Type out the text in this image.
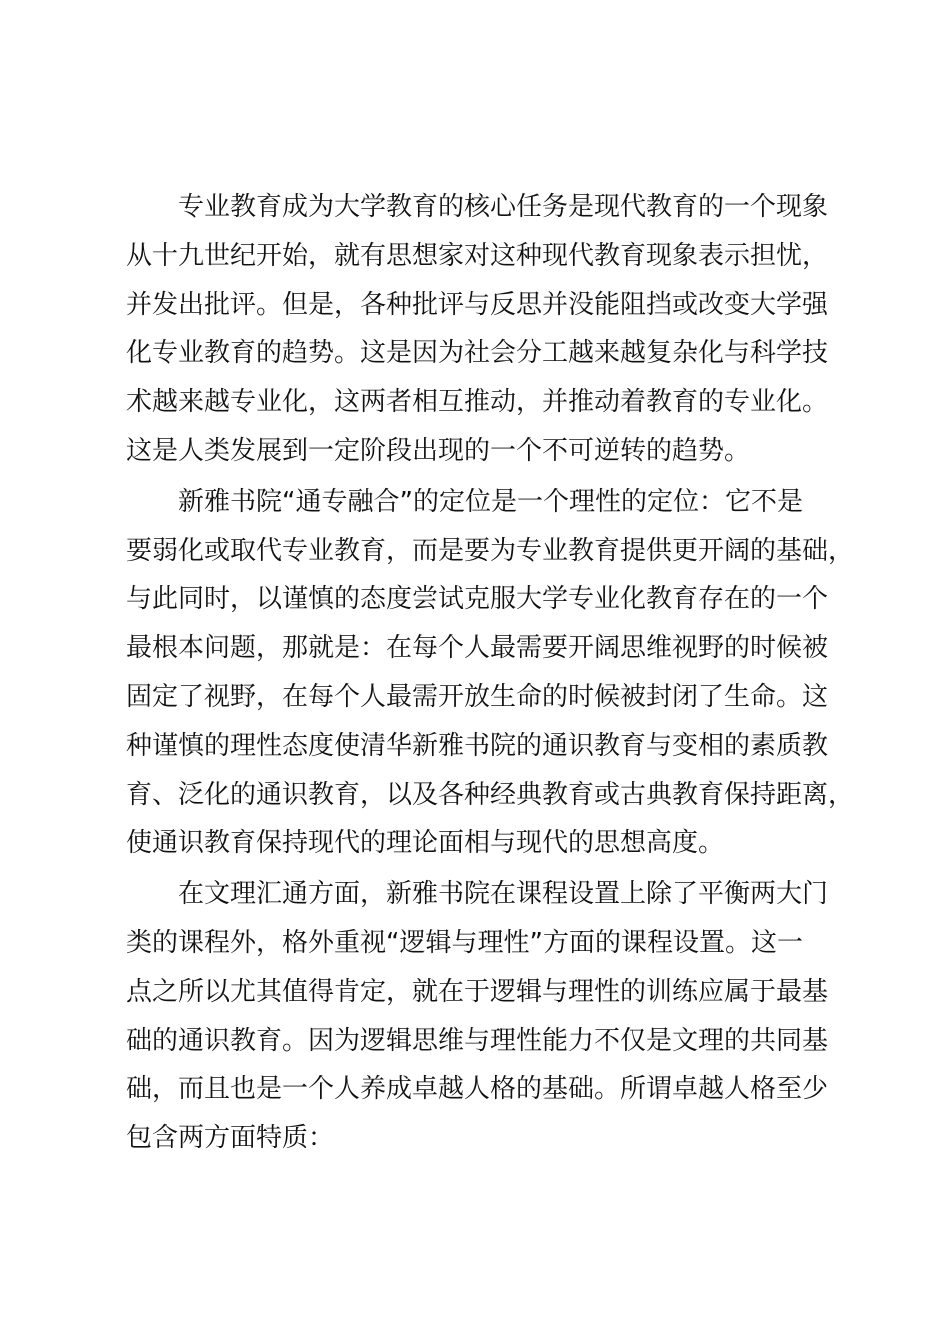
专业教育成为大学教育的核心任务是现代教育的一个现象
从十九世纪开始，就有思想家对这种现代教育现象表示担忧，
并发出批评。但是，各种批评与反思并没能阻挡或改变大学强
化专业教育的趋势。这是因为社会分工越来越复杂化与科学技
术越来越专业化，这两者相互推动，并推动着教育的专业化。
这是人类发展到一定阶段出现的一个不可逆转的趋势。
新雅书院“通专融合”的定位是一个理性的定位：它不是
要弱化或取代专业教育，而是要为专业教育提供更开阔的基础，
与此同时，以谨慎的态度尝试克服大学专业化教育存在的一个
最根本问题，那就是：在每个人最需要开阔思维视野的时候被
固定了视野，在每个人最需开放生命的时候被封闭了生命。这
种谨慎的理性态度使清华新雅书院的通识教育与变相的素质教
育、泛化的通识教育，以及各种经典教育或古典教育保持距离，
使通识教育保持现代的理论面相与现代的思想高度。
在文理汇通方面，新雅书院在课程设置上除了平衡两大门
类的课程外，格外重视“逻辑与理性”方面的课程设置。这一
点之所以尤其值得肯定，就在于逻辑与理性的训练应属于最基
础的通识教育。因为逻辑思维与理性能力不仅是文理的共同基
础，而且也是一个人养成卓越人格的基础。所谓卓越人格至少
包含两方面特质：
